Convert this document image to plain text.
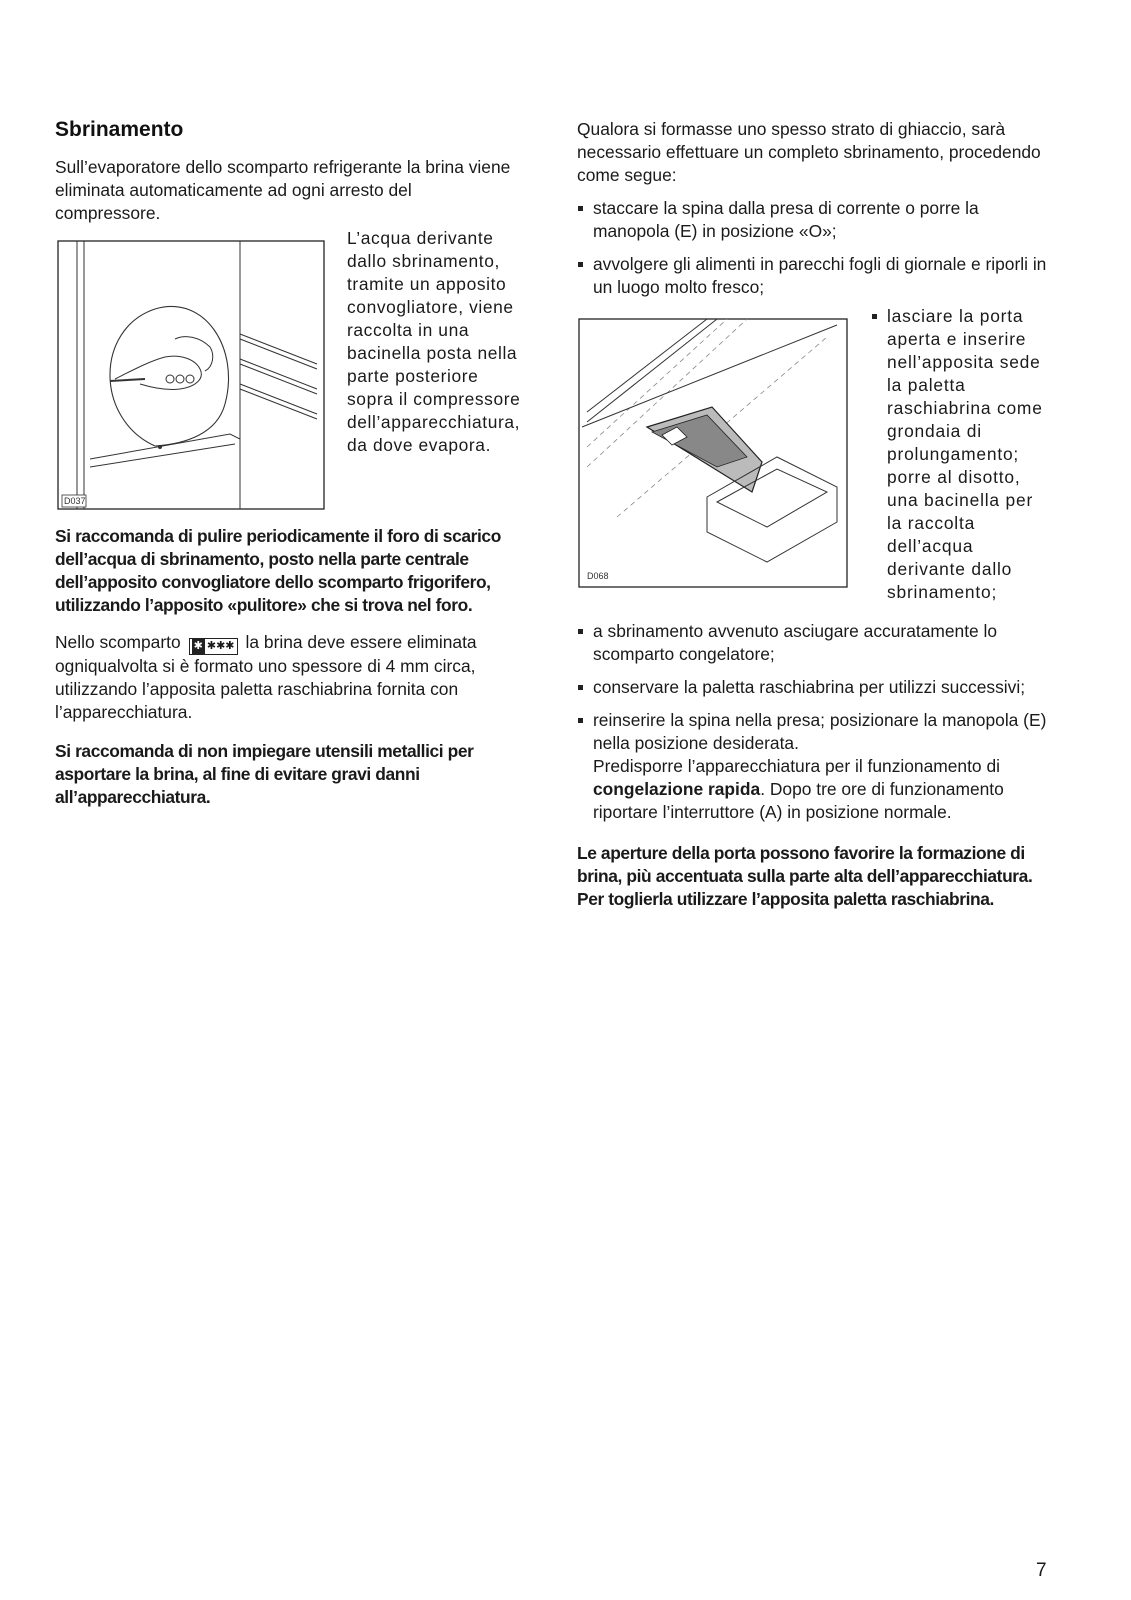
Sbrinamento

Sull’evaporatore dello scomparto refrigerante la brina viene eliminata automaticamente ad ogni arresto del compressore.

D037

L’acqua derivante dallo sbrinamento, tramite un apposito convogliatore, viene raccolta in una bacinella posta nella parte posteriore sopra il compressore dell’apparecchiatura, da dove evapora.

Si raccomanda di pulire periodicamente il foro di scarico dell’acqua di sbrinamento, posto nella parte centrale dell’apposito convogliatore dello scomparto frigorifero, utilizzando l’apposito «pulitore» che si trova nel foro.

Nello scomparto ✱ ✱✱✱ la brina deve essere eliminata ogniqualvolta si è formato uno spessore di 4 mm circa, utilizzando l’apposita paletta raschiabrina fornita con l’apparecchiatura.

Si raccomanda di non impiegare utensili metallici per asportare la brina, al fine di evitare gravi danni all’apparecchiatura.

Qualora si formasse uno spesso strato di ghiaccio, sarà necessario effettuare un completo sbrinamento, procedendo come segue:

staccare la spina dalla presa di corrente o porre la manopola (E) in posizione «O»;
avvolgere gli alimenti in parecchi fogli di giornale e riporli in un luogo molto fresco;
D068
lasciare la porta aperta e inserire nell’apposita sede la paletta raschiabrina come grondaia di prolungamento; porre al disotto, una bacinella per la raccolta dell’acqua derivante dallo sbrinamento;
a sbrinamento avvenuto asciugare accuratamente lo scomparto congelatore;
conservare la paletta raschiabrina per utilizzi successivi;
reinserire la spina nella presa; posizionare la manopola (E) nella posizione desiderata.
Predisporre l’apparecchiatura per il funzionamento di congelazione rapida. Dopo tre ore di funzionamento riportare l’interruttore (A) in posizione normale.

Le aperture della porta possono favorire la formazione di brina, più accentuata sulla parte alta dell’apparecchiatura.

Per toglierla utilizzare l’apposita paletta raschiabrina.

7
